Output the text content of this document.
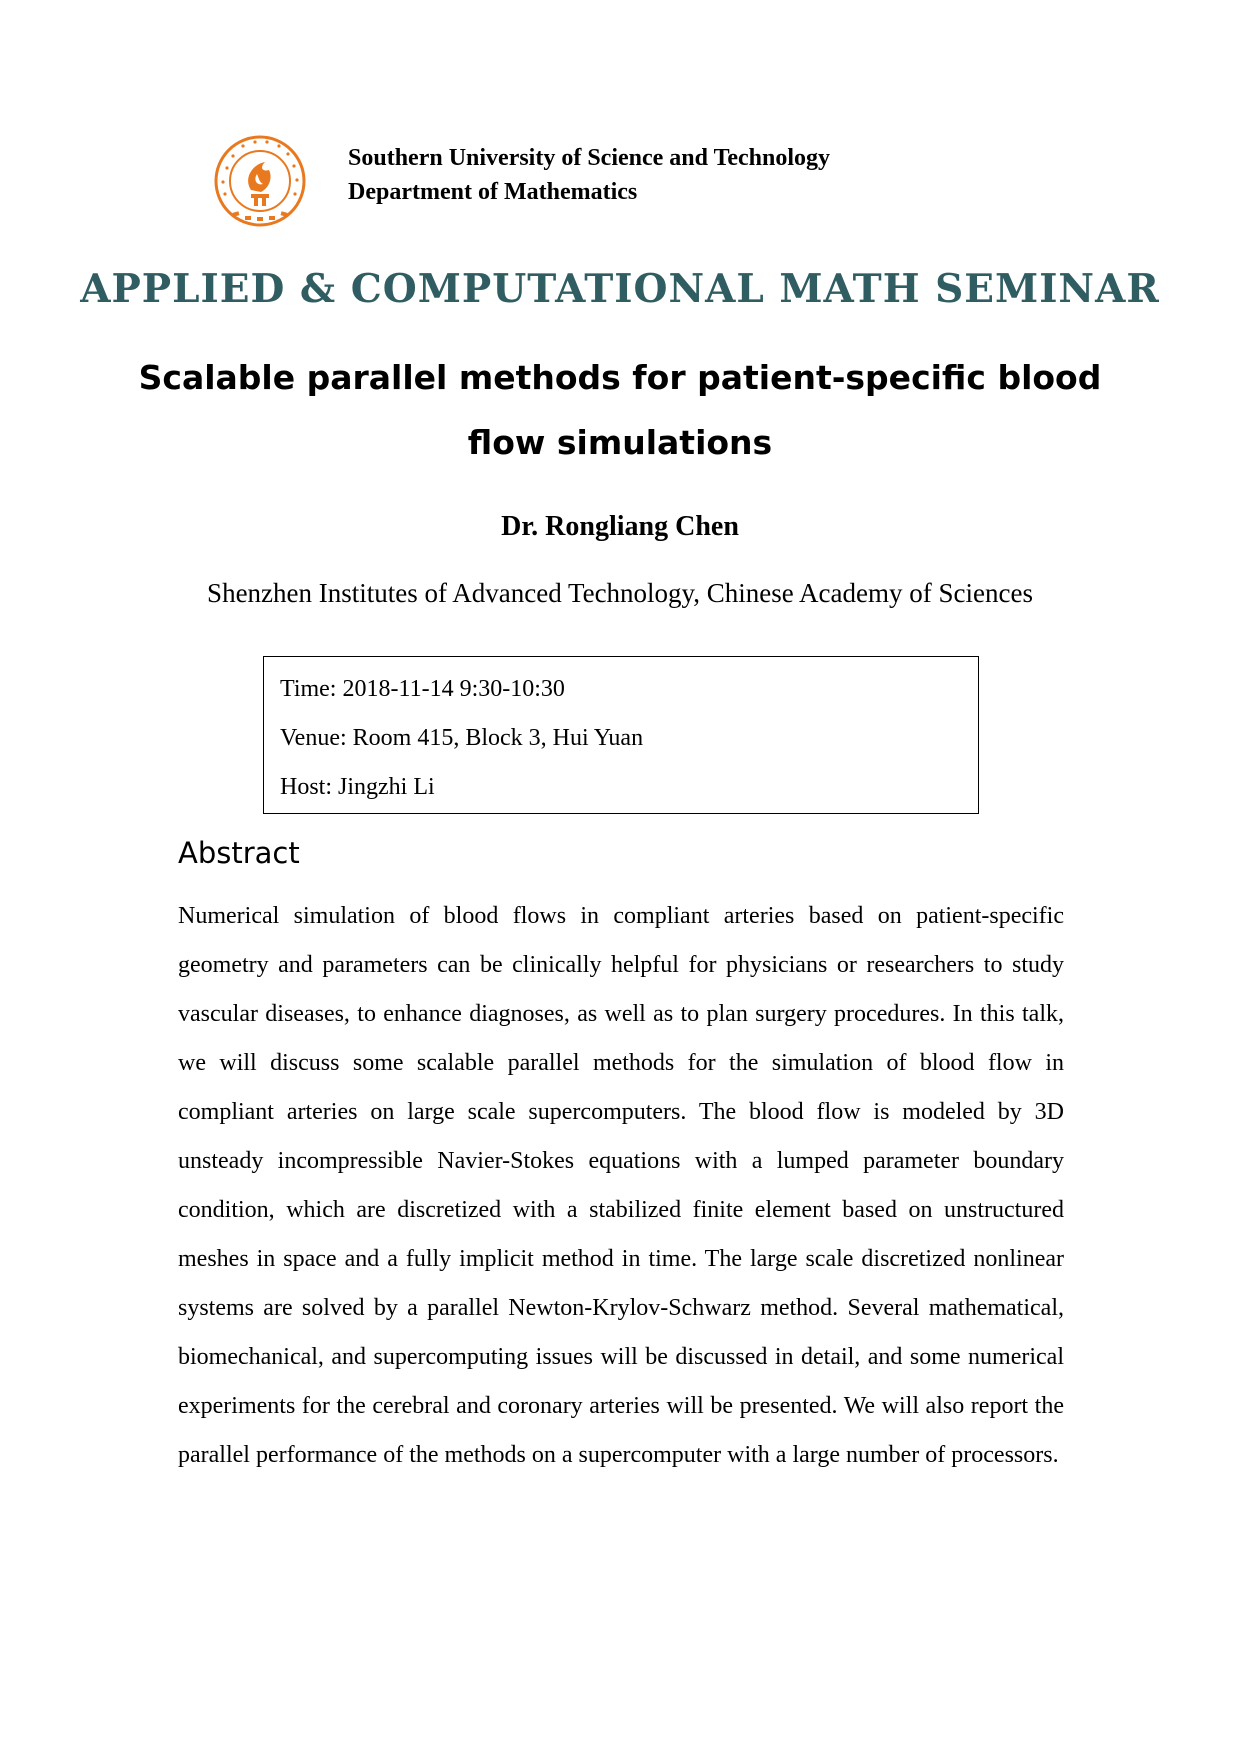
Southern University of Science and Technology
Department of Mathematics
APPLIED & COMPUTATIONAL MATH SEMINAR
Scalable parallel methods for patient-specific blood flow simulations
Dr. Rongliang Chen
Shenzhen Institutes of Advanced Technology, Chinese Academy of Sciences
Time: 2018-11-14 9:30-10:30
Venue: Room 415, Block 3, Hui Yuan
Host: Jingzhi Li
Abstract
Numerical simulation of blood flows in compliant arteries based on patient-specific geometry and parameters can be clinically helpful for physicians or researchers to study vascular diseases, to enhance diagnoses, as well as to plan surgery procedures. In this talk, we will discuss some scalable parallel methods for the simulation of blood flow in compliant arteries on large scale supercomputers. The blood flow is modeled by 3D unsteady incompressible Navier-Stokes equations with a lumped parameter boundary condition, which are discretized with a stabilized finite element based on unstructured meshes in space and a fully implicit method in time. The large scale discretized nonlinear systems are solved by a parallel Newton-Krylov-Schwarz method. Several mathematical, biomechanical, and supercomputing issues will be discussed in detail, and some numerical experiments for the cerebral and coronary arteries will be presented. We will also report the parallel performance of the methods on a supercomputer with a large number of processors.
